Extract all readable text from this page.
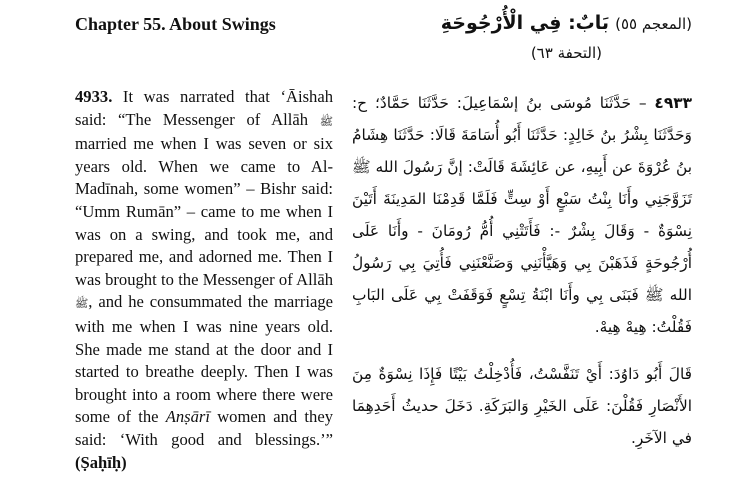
Chapter 55. About Swings

4933. It was narrated that ‘Āishah said: “The Messenger of Allāh ﷺ married me when I was seven or six years old. When we came to Al-Madīnah, some women” – Bishr said: “Umm Rumān” – came to me when I was on a swing, and took me, and prepared me, and adorned me. Then I was brought to the Messenger of Allāh ﷺ, and he consummated the marriage with me when I was nine years old. She made me stand at the door and I started to breathe deeply. Then I was brought into a room where there were some of the Anṣārī women and they said: ‘With good and blessings.’” (Ṣaḥīḥ)

(المعجم ٥٥) بَابٌ: فِي الْأُرْجُوحَةِ

(التحفة ٦٣)

٤٩٣٣ – حَدَّثَنَا مُوسَى بنُ إسْمَاعِيلَ: حَدَّثَنَا حَمَّادٌ؛ ح: وَحَدَّثَنَا بِشْرُ بنُ خَالِدٍ: حَدَّثَنَا أَبُو أُسَامَةَ قَالَا: حَدَّثَنَا هِشَامُ بنُ عُرْوَةَ عن أَبِيهِ، عن عَائِشَةَ قَالَتْ: إنَّ رَسُولَ الله ﷺ تَزَوَّجَنِي وأَنَا بِنْتُ سَبْعٍ أَوْ سِتٍّ فَلَمَّا قَدِمْنَا المَدِينَةَ أَتَيْنَ نِسْوَةٌ - وَقَالَ بِشْرٌ -: فَأَتَتْنِي أُمُّ رُومَانَ - وأَنَا عَلَى أُرْجُوحَةٍ فَذَهَبْنَ بِي وَهَيَّأْنَنِي وَصَنَّعْنَنِي فَأُتِيَ بِي رَسُولُ الله ﷺ فَبَنَى بِي وأَنَا ابْنَةُ تِسْعٍ فَوَقَفَتْ بِي عَلَى البَابِ فَقُلْتُ: هِيهْ هِيهْ.

قَالَ أَبُو دَاوُدَ: أَيْ تَنَفَّسْتُ، فَأُدْخِلْتُ بَيْتًا فَإِذَا نِسْوَةٌ مِنَ الأَنْصَارِ فَقُلْنَ: عَلَى الخَيْرِ وَالبَرَكَةِ. دَخَلَ حديثُ أَحَدِهِمَا في الآخَرِ.
